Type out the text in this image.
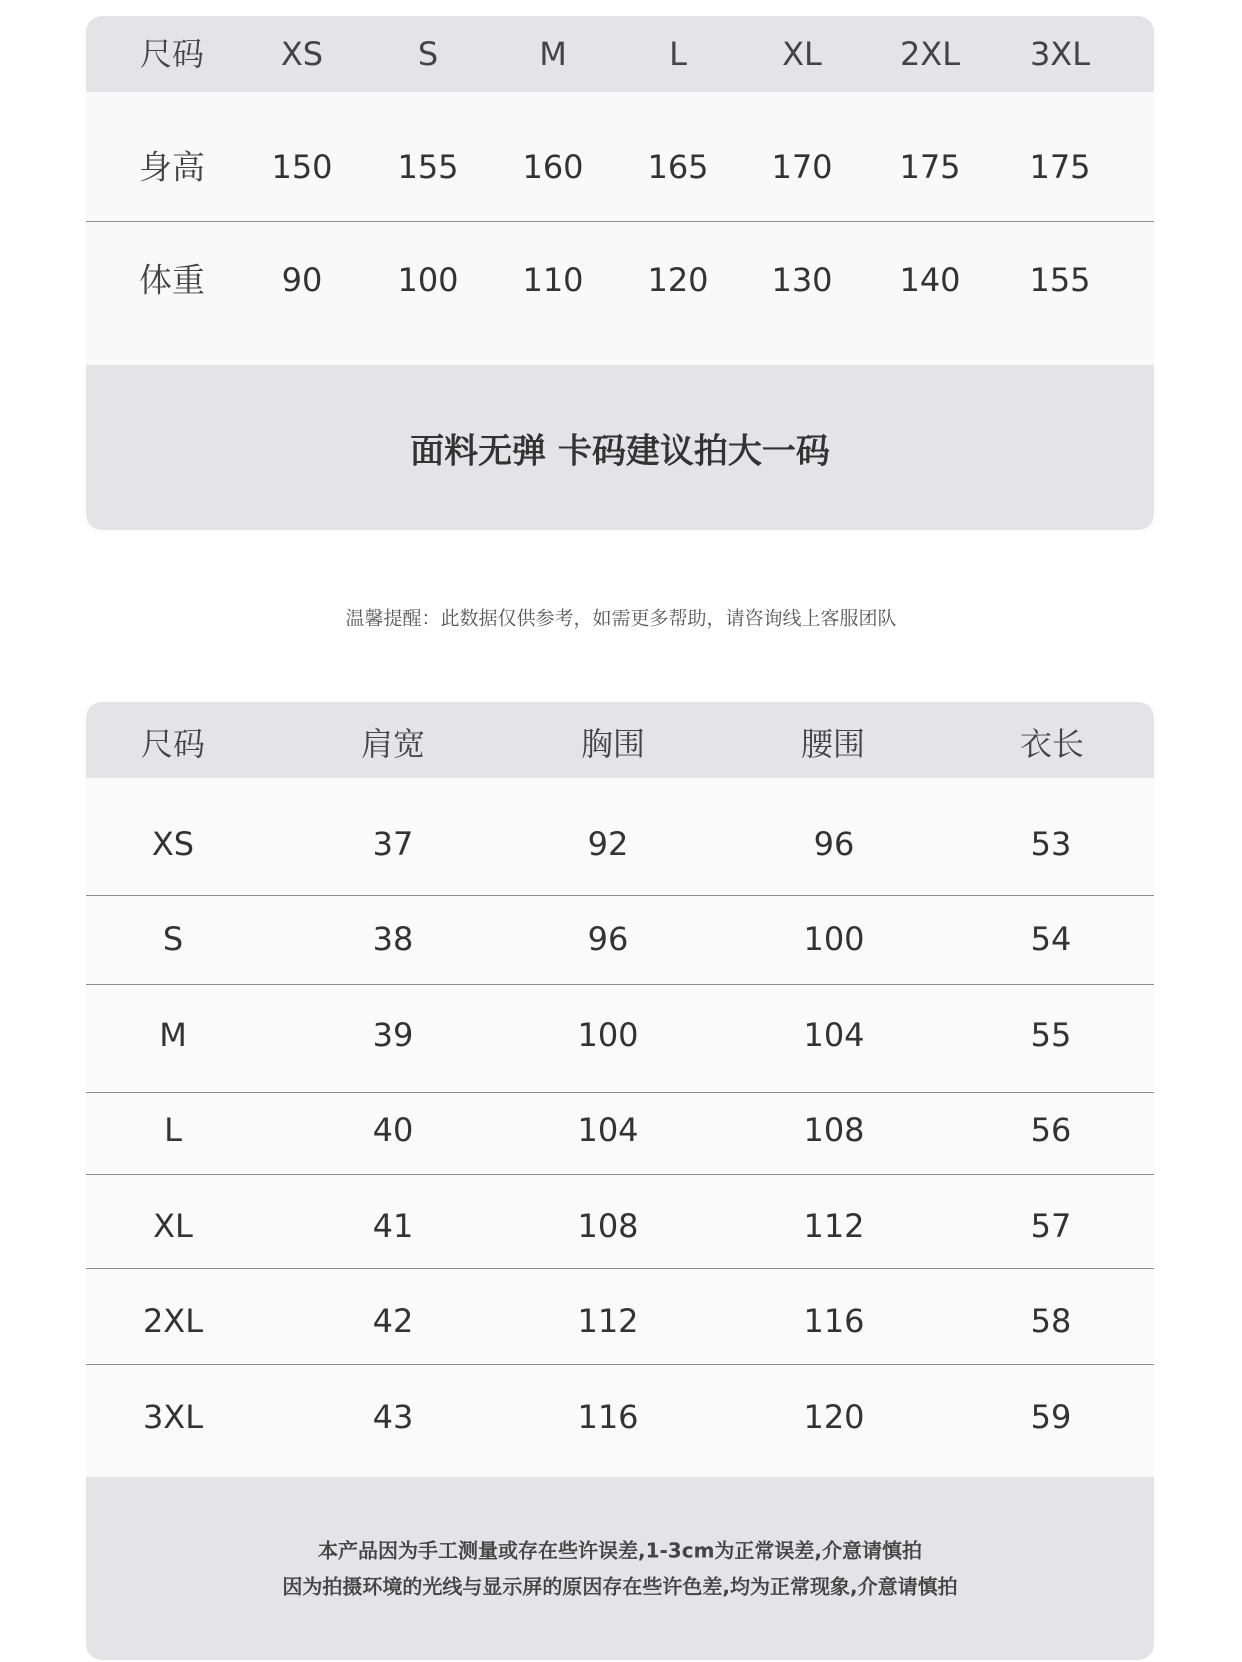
尺码 XS	S	M	L	XL 2XL 3XL
身高 150 155 160 165 170 175 175
体重 90 100 110 120 130 140 155
面料无弹 卡码建议拍大一码
温馨提醒：此数据仅供参考，如需更多帮助，请咨询线上客服团队
尺码	肩宽	胸围	腰围	衣长
XS	37	92	96	53
S	38	96	100	54
M	39	100	104	55
L	40	104	108	56
XL	41	108	112	57
2XL	42	112	116	58
3XL	43	116	120	59
本产品因为手工测量或存在些许误差,1-3cm为正常误差,介意请慎拍
因为拍摄环境的光线与显示屏的原因存在些许色差,均为正常现象,介意请慎拍
